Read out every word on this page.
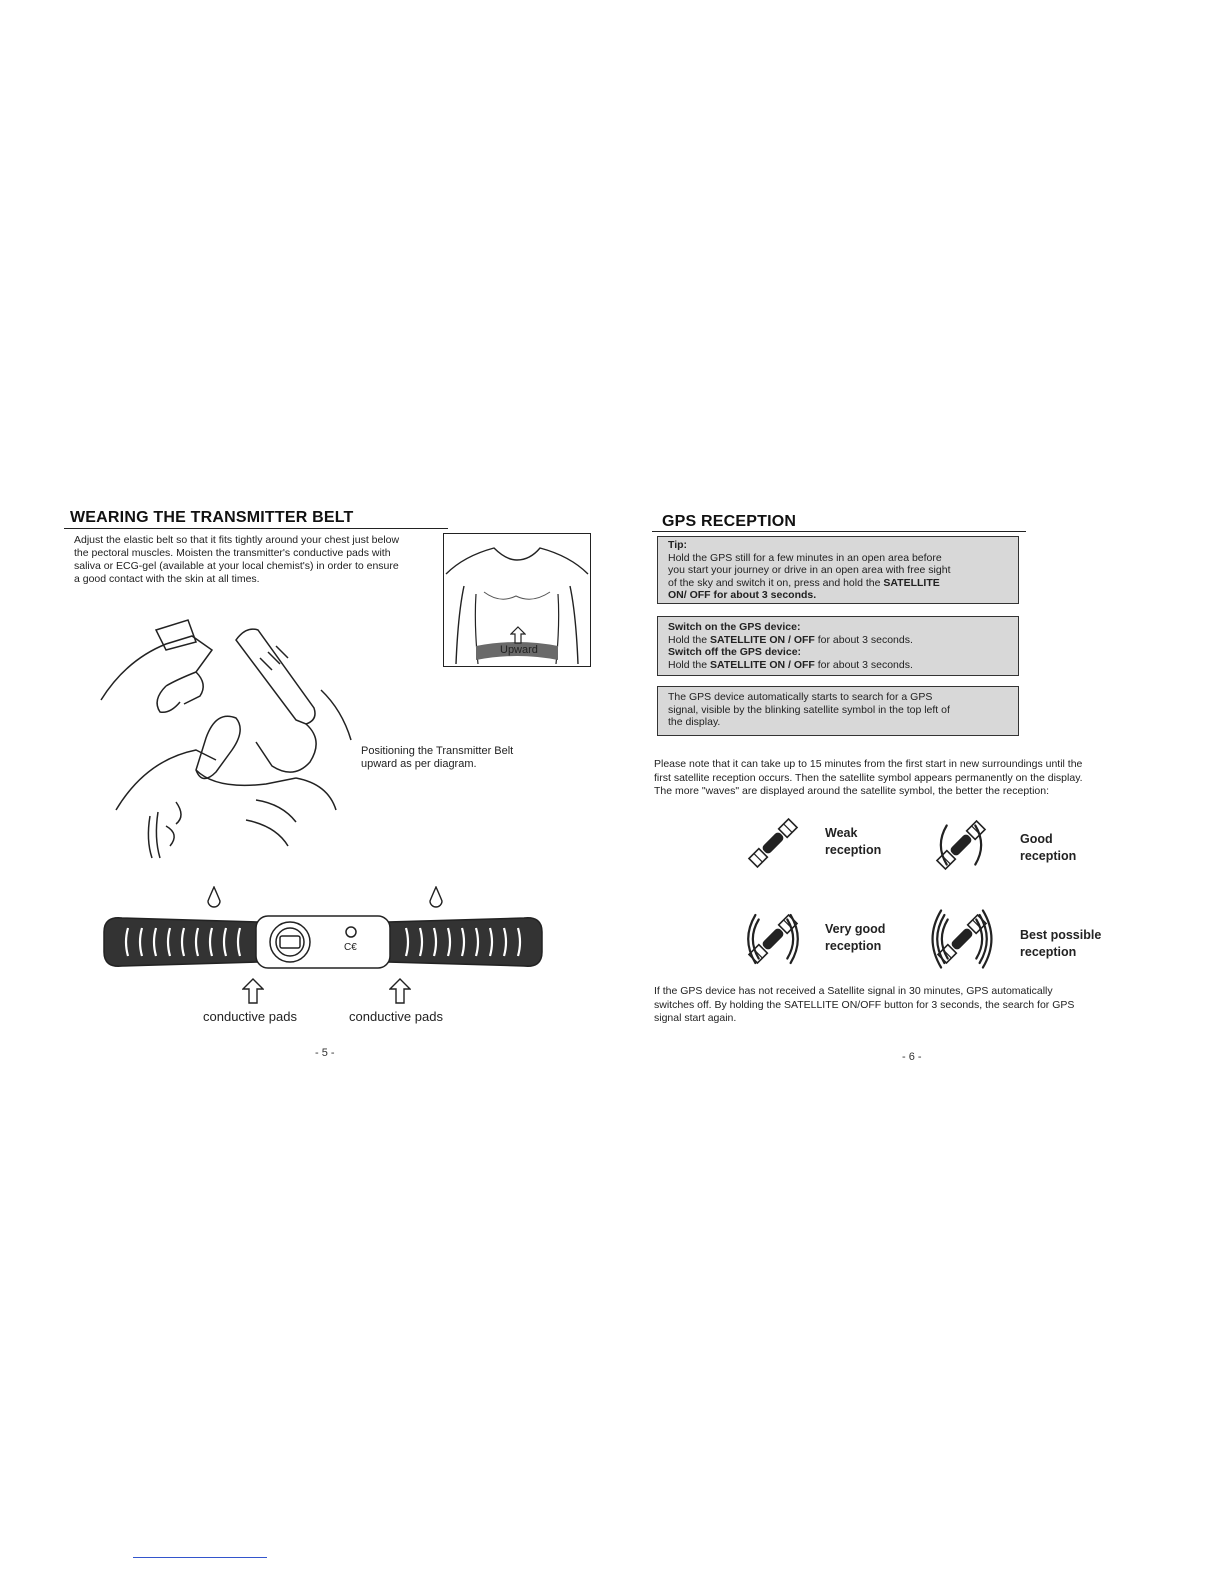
WEARING THE TRANSMITTER BELT
Adjust the elastic belt so that it fits tightly around your chest just below
the pectoral muscles. Moisten the transmitter's conductive pads with
saliva or ECG-gel (available at your local chemist's) in order to ensure
a good contact with the skin at all times.
Upward
Positioning the Transmitter Belt
upward as per diagram.
C€
conductive pads	conductive pads
- 5 -
GPS RECEPTION
Tip:
Hold the GPS still for a few minutes in an open area before
you start your journey or drive in an open area with free sight
of the sky and switch it on, press and hold the SATELLITE
ON/ OFF for about 3 seconds.
Switch on the GPS device:
Hold the SATELLITE ON / OFF for about 3 seconds.
Switch off the GPS device:
Hold the SATELLITE ON / OFF for about 3 seconds.
The GPS device automatically starts to search for a GPS
signal, visible by the blinking satellite symbol in the top left of
the display.
Please note that it can take up to 15 minutes from the first start in new surroundings until the
first satellite reception occurs. Then the satellite symbol appears permanently on the display.
The more "waves" are displayed around the satellite symbol, the better the reception:
Weak
reception
Good
reception
Very good
reception
Best possible
reception
If the GPS device has not received a Satellite signal in 30 minutes, GPS automatically
switches off. By holding the SATELLITE ON/OFF button for 3 seconds, the search for GPS
signal start again.
- 6 -
